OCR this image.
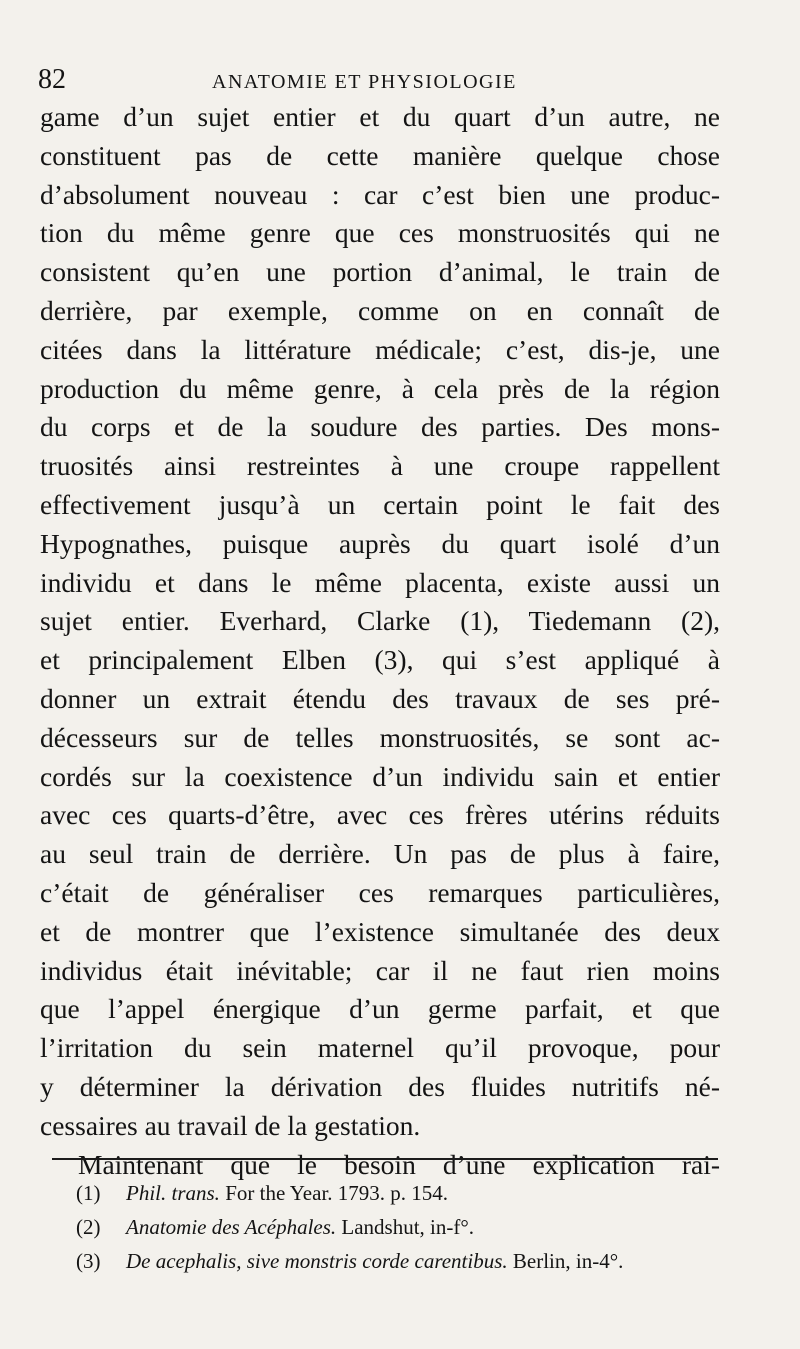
82	ANATOMIE ET PHYSIOLOGIE
game d’un sujet entier et du quart d’un autre, ne
constituent pas de cette manière quelque chose
d’absolument nouveau : car c’est bien une produc-
tion du même genre que ces monstruosités qui ne
consistent qu’en une portion d’animal, le train de
derrière, par exemple, comme on en connaît de
citées dans la littérature médicale; c’est, dis-je, une
production du même genre, à cela près de la région
du corps et de la soudure des parties. Des mons-
truosités ainsi restreintes à une croupe rappellent
effectivement jusqu’à un certain point le fait des
Hypognathes, puisque auprès du quart isolé d’un
individu et dans le même placenta, existe aussi un
sujet entier. Everhard, Clarke (1), Tiedemann (2),
et principalement Elben (3), qui s’est appliqué à
donner un extrait étendu des travaux de ses pré-
décesseurs sur de telles monstruosités, se sont ac-
cordés sur la coexistence d’un individu sain et entier
avec ces quarts-d’être, avec ces frères utérins réduits
au seul train de derrière. Un pas de plus à faire,
c’était de généraliser ces remarques particulières,
et de montrer que l’existence simultanée des deux
individus était inévitable; car il ne faut rien moins
que l’appel énergique d’un germe parfait, et que
l’irritation du sein maternel qu’il provoque, pour
y déterminer la dérivation des fluides nutritifs né-
cessaires au travail de la gestation.
Maintenant que le besoin d’une explication rai-
(1) Phil. trans. For the Year. 1793. p. 154.
(2) Anatomie des Acéphales. Landshut, in-f°.
(3) De acephalis, sive monstris corde carentibus. Berlin, in-4°.
